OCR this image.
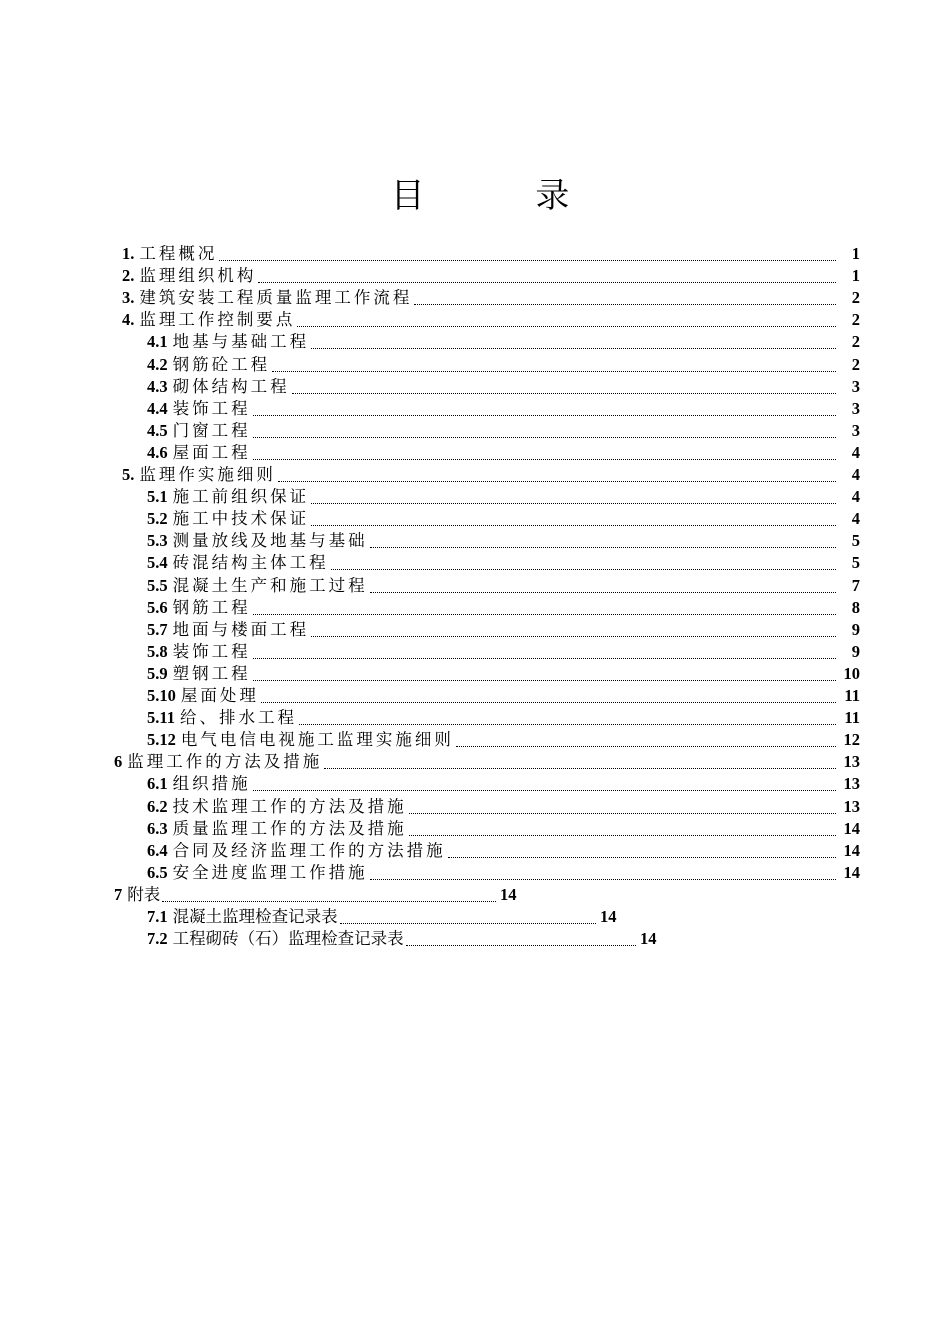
目 录
1. 工程概况	1
2. 监理组织机构	1
3. 建筑安装工程质量监理工作流程	2
4. 监理工作控制要点	2
4.1 地基与基础工程	2
4.2 钢筋砼工程	2
4.3 砌体结构工程	3
4.4 装饰工程	3
4.5 门窗工程	3
4.6 屋面工程	4
5. 监理作实施细则	4
5.1 施工前组织保证	4
5.2 施工中技术保证	4
5.3 测量放线及地基与基础	5
5.4 砖混结构主体工程	5
5.5 混凝土生产和施工过程	7
5.6 钢筋工程	8
5.7 地面与楼面工程	9
5.8 装饰工程	9
5.9 塑钢工程	10
5.10 屋面处理	11
5.11 给、排水工程	11
5.12 电气电信电视施工监理实施细则	12
6 监理工作的方法及措施	13
6.1 组织措施	13
6.2 技术监理工作的方法及措施	13
6.3 质量监理工作的方法及措施	14
6.4 合同及经济监理工作的方法措施	14
6.5 安全进度监理工作措施	14
7 附表	14
7.1 混凝土监理检查记录表	14
7.2 工程砌砖（石）监理检查记录表	14
